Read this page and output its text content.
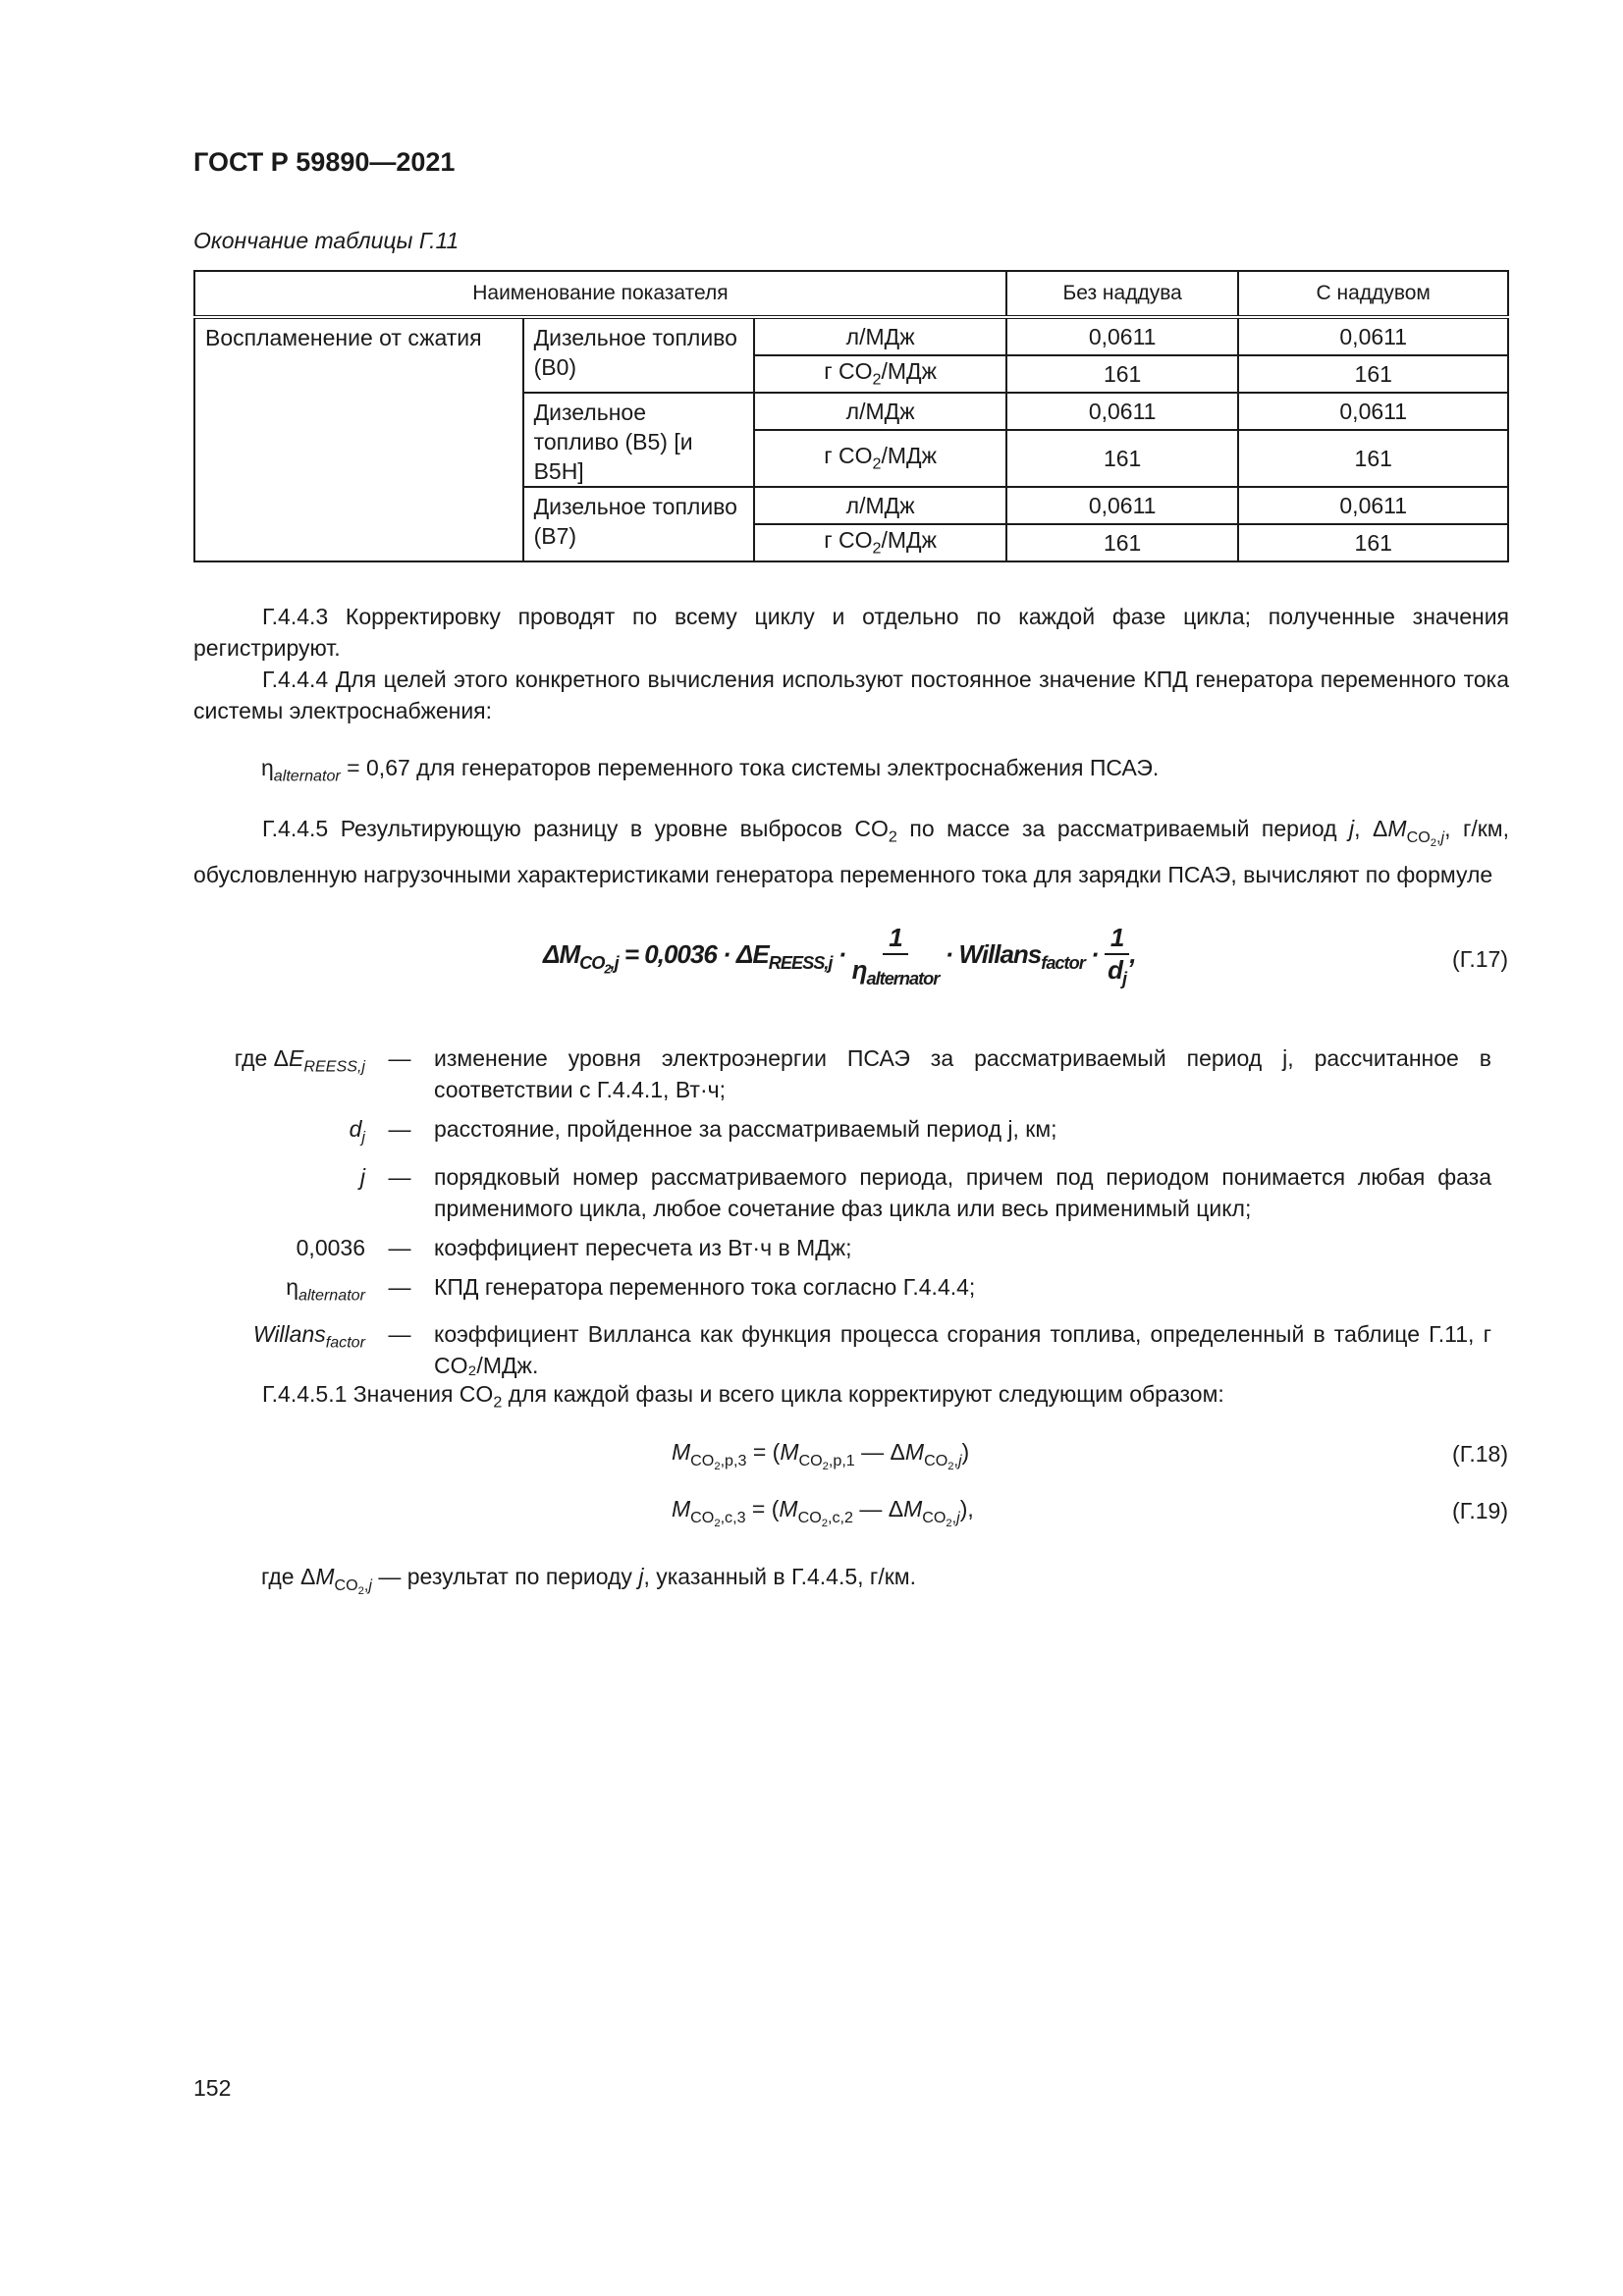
ГОСТ Р 59890—2021
Окончание таблицы Г.11
Наименование показателя			Без наддува	С наддувом
Воспламенение от сжатия	Дизельное топливо (В0)	л/МДж	0,0611	0,0611
		г $CO_2$/МДж	161	161
	Дизельное топливо (В5) [и В5Н]	л/МДж	0,0611	0,0611
		г $CO_2$/МДж	161	161
	Дизельное топливо (В7)	л/МДж	0,0611	0,0611
		г $CO_2$/МДж	161	161
Г.4.4.3 Корректировку проводят по всему циклу и отдельно по каждой фазе цикла; полученные значения регистрируют.
Г.4.4.4 Для целей этого конкретного вычисления используют постоянное значение КПД генератора переменного тока системы электроснабжения:
$\eta_{alternator} = 0,67$ для генераторов переменного тока системы электроснабжения ПСАЭ.
Г.4.4.5 Результирующую разницу в уровне выбросов $CO_2$ по массе за рассматриваемый период j, $\Delta M_{CO_2,j}$, г/км, обусловленную нагрузочными характеристиками генератора переменного тока для зарядки ПСАЭ, вычисляют по формуле
$\Delta M_{CO_2,j} = 0,0036 \cdot \Delta E_{REESS,j} \cdot \frac{1}{\eta_{alternator}}$ · Willans$_{factor}$ · $\frac{1}{d_j}$ ,	(Г.17)
где $\Delta E_{REESS,j}$	—	изменение уровня электроэнергии ПСАЭ за рассматриваемый период j, рассчитанное в соответствии с Г.4.4.1, Вт·ч;
$d_j$	—	расстояние, пройденное за рассматриваемый период j, км;
j	—	порядковый номер рассматриваемого периода, причем под периодом понимается любая фаза применимого цикла, любое сочетание фаз цикла или весь применимый цикл;
0,0036	—	коэффициент пересчета из Вт·ч в МДж;
$\eta_{alternator}$	—	КПД генератора переменного тока согласно Г.4.4.4;
Willans$_{factor}$	—	коэффициент Вилланса как функция процесса сгорания топлива, определенный в таблице Г.11, г CO₂/МДж.
Г.4.4.5.1 Значения $CO_2$ для каждой фазы и всего цикла корректируют следующим образом:
$M_{CO_2,p,3} = (M_{CO_2,p,1}$ — $\Delta M_{CO_2,j}$)	(Г.18)
$M_{CO_2,c,3} = (M_{CO_2,c,2}$ — $\Delta M_{CO_2,j}$),	(Г.19)
где $\Delta M_{CO_2,j}$ — результат по периоду j, указанный в Г.4.4.5, г/км.
152
